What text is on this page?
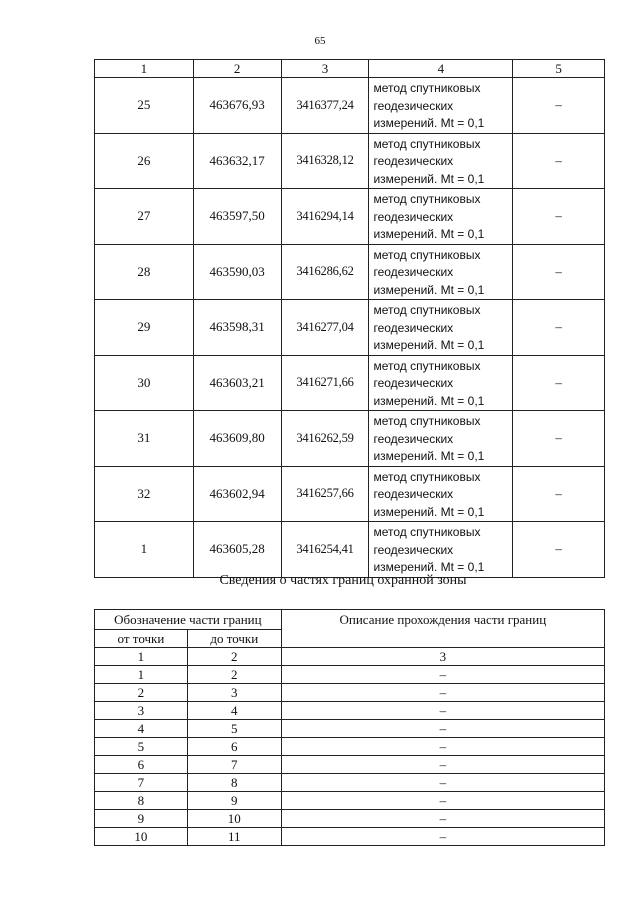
65
1	2	3	4	5
25	463676,93	3416377,24	метод спутниковых
геодезических
измерений. Mt = 0,1	–
26	463632,17	3416328,12	метод спутниковых
геодезических
измерений. Mt = 0,1	–
27	463597,50	3416294,14	метод спутниковых
геодезических
измерений. Mt = 0,1	–
28	463590,03	3416286,62	метод спутниковых
геодезических
измерений. Mt = 0,1	–
29	463598,31	3416277,04	метод спутниковых
геодезических
измерений. Mt = 0,1	–
30	463603,21	3416271,66	метод спутниковых
геодезических
измерений. Mt = 0,1	–
31	463609,80	3416262,59	метод спутниковых
геодезических
измерений. Mt = 0,1	–
32	463602,94	3416257,66	метод спутниковых
геодезических
измерений. Mt = 0,1	–
1	463605,28	3416254,41	метод спутниковых
геодезических
измерений. Mt = 0,1	–
Сведения о частях границ охранной зоны
Обозначение части границ		Описание прохождения части границ
от точки	до точки	
1	2	3
1	2	–
2	3	–
3	4	–
4	5	–
5	6	–
6	7	–
7	8	–
8	9	–
9	10	–
10	11	–
